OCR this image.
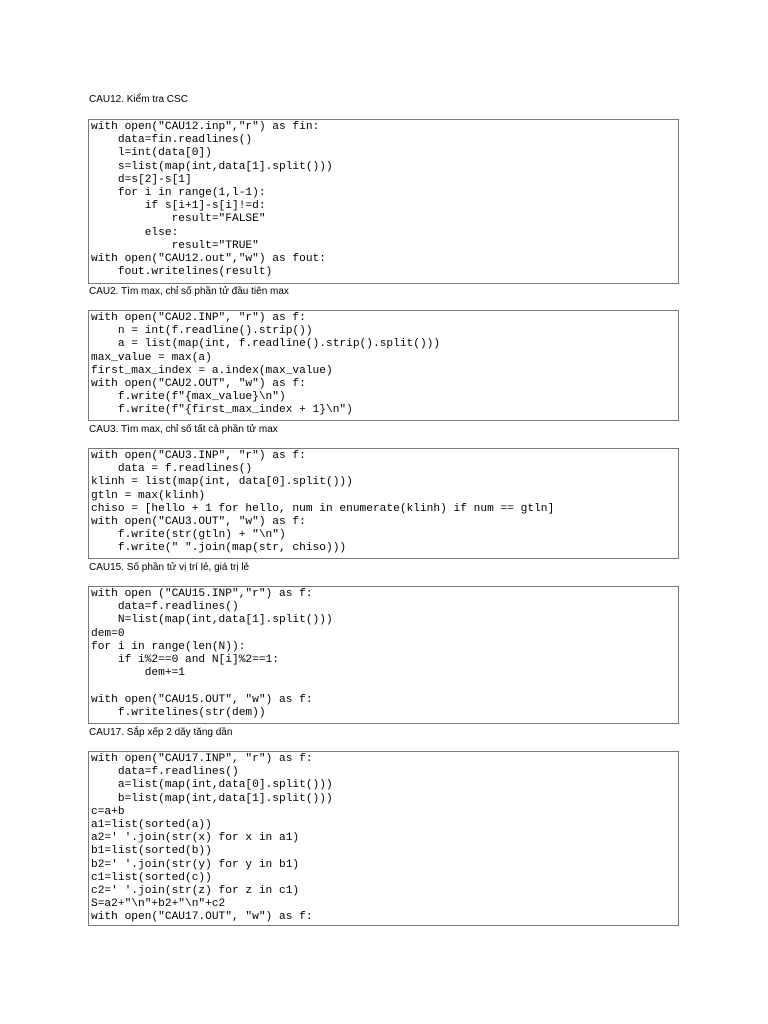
CAU12. Kiểm tra CSC
with open("CAU12.inp","r") as fin:
data=fin.readlines()
l=int(data[0])
s=list(map(int,data[1].split()))
d=s[2]-s[1]
for i in range(1,l-1):
if s[i+1]-s[i]!=d:
result="FALSE"
else:
result="TRUE"
with open("CAU12.out","w") as fout:
fout.writelines(result)
CAU2. Tìm max, chỉ số phần tử đầu tiên max
with open("CAU2.INP", "r") as f:
n = int(f.readline().strip())
a = list(map(int, f.readline().strip().split()))
max_value = max(a)
first_max_index = a.index(max_value)
with open("CAU2.OUT", "w") as f:
f.write(f"{max_value}\n")
f.write(f"{first_max_index + 1}\n")
CAU3. Tìm max, chỉ số tất cả phần tử max
with open("CAU3.INP", "r") as f:
data = f.readlines()
klinh = list(map(int, data[0].split()))
gtln = max(klinh)
chiso = [hello + 1 for hello, num in enumerate(klinh) if num == gtln]
with open("CAU3.OUT", "w") as f:
f.write(str(gtln) + "\n")
f.write(" ".join(map(str, chiso)))
CAU15. Số phần tử vị trí lẻ, giá trị lẻ
with open ("CAU15.INP","r") as f:
data=f.readlines()
N=list(map(int,data[1].split()))
dem=0
for i in range(len(N)):
if i%2==0 and N[i]%2==1:
dem+=1

with open("CAU15.OUT", "w") as f:
f.writelines(str(dem))
CAU17. Sắp xếp 2 dãy tăng dần
with open("CAU17.INP", "r") as f:
data=f.readlines()
a=list(map(int,data[0].split()))
b=list(map(int,data[1].split()))
c=a+b
a1=list(sorted(a))
a2=' '.join(str(x) for x in a1)
b1=list(sorted(b))
b2=' '.join(str(y) for y in b1)
c1=list(sorted(c))
c2=' '.join(str(z) for z in c1)
S=a2+"\n"+b2+"\n"+c2
with open("CAU17.OUT", "w") as f:
